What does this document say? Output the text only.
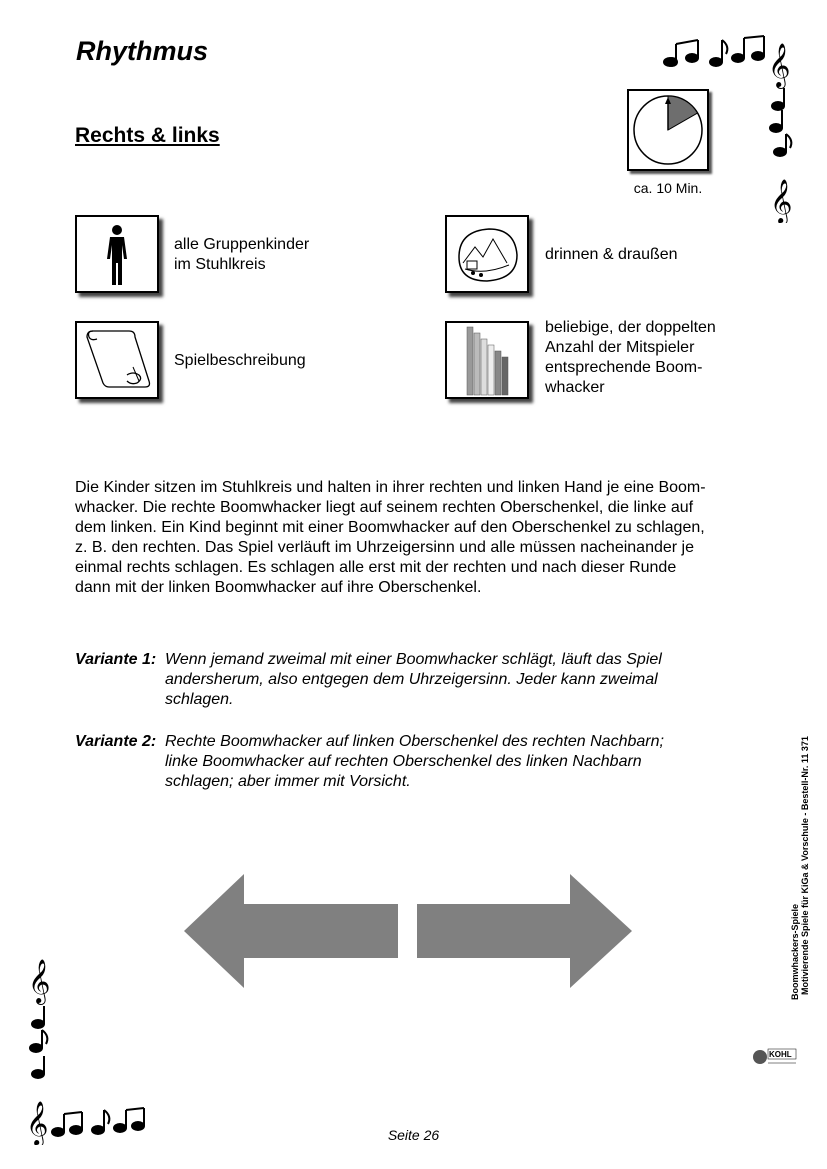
Rhythmus
Rechts & links
𝄞
𝄞
ca. 10 Min.
alle Gruppenkinder
im Stuhlkreis
drinnen & draußen
Spielbeschreibung
beliebige, der doppelten
Anzahl der Mitspieler
entsprechende Boom-
whacker
Die Kinder sitzen im Stuhlkreis und halten in ihrer rechten und linken Hand je eine Boom-
whacker. Die rechte Boomwhacker liegt auf seinem rechten Oberschenkel, die linke auf
dem linken. Ein Kind beginnt mit einer Boomwhacker auf den Oberschenkel zu schlagen,
z. B. den rechten. Das Spiel verläuft im Uhrzeigersinn und alle müssen nacheinander je
einmal rechts schlagen. Es schlagen alle erst mit der rechten und nach dieser Runde
dann mit der linken Boomwhacker auf ihre Oberschenkel.
Variante 1: Wenn jemand zweimal mit einer Boomwhacker schlägt, läuft das Spiel
andersherum, also entgegen dem Uhrzeigersinn. Jeder kann zweimal
schlagen.
Variante 2: Rechte Boomwhacker auf linken Oberschenkel des rechten Nachbarn;
linke Boomwhacker auf rechten Oberschenkel des linken Nachbarn
schlagen; aber immer mit Vorsicht.
𝄞
𝄞
Boomwhackers-Spiele Motivierende Spiele für KiGa & Vorschule - Bestell-Nr. 11 371
KOHL
Seite 26
